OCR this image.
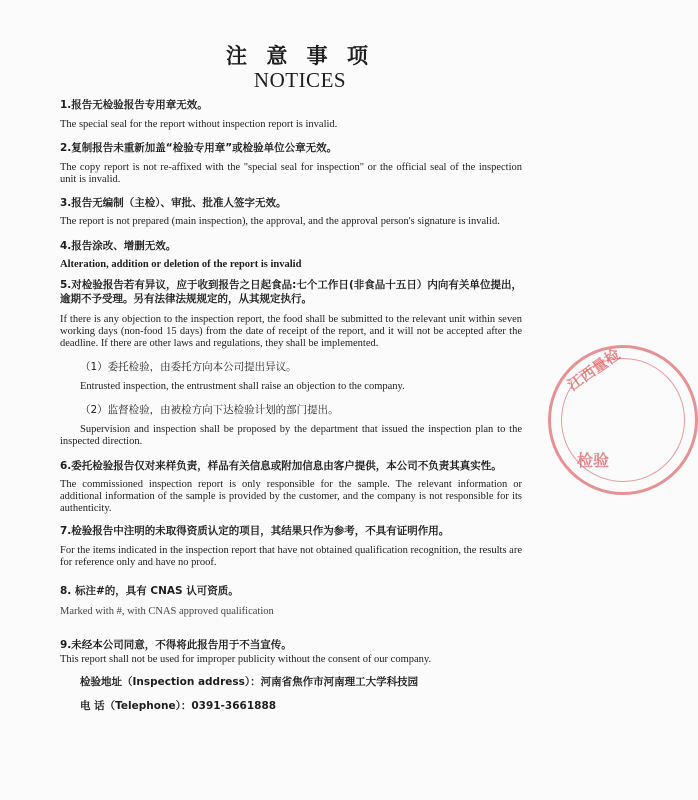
注 意 事 项
NOTICES

1.报告无检验报告专用章无效。

The special seal for the report without inspection report is invalid.

2.复制报告未重新加盖“检验专用章”或检验单位公章无效。

The copy report is not re-affixed with the "special seal for inspection" or the official seal of the inspection unit is invalid.

3.报告无编制（主检）、审批、批准人签字无效。

The report is not prepared (main inspection), the approval, and the approval person's signature is invalid.

4.报告涂改、增删无效。

Alteration, addition or deletion of the report is invalid

5.对检验报告若有异议，应于收到报告之日起食品:七个工作日(非食品十五日）内向有关单位提出，逾期不予受理。另有法律法规规定的，从其规定执行。

If there is any objection to the inspection report, the food shall be submitted to the relevant unit within seven working days (non-food 15 days) from the date of receipt of the report, and it will not be accepted after the deadline. If there are other laws and regulations, they shall be implemented.

（1）委托检验，由委托方向本公司提出异议。

Entrusted inspection, the entrustment shall raise an objection to the company.

（2）监督检验，由被检方向下达检验计划的部门提出。

Supervision and inspection shall be proposed by the department that issued the inspection plan to the inspected direction.

6.委托检验报告仅对来样负责，样品有关信息或附加信息由客户提供，本公司不负责其真实性。

The commissioned inspection report is only responsible for the sample. The relevant information or additional information of the sample is provided by the customer, and the company is not responsible for its authenticity.

7.检验报告中注明的未取得资质认定的项目，其结果只作为参考，不具有证明作用。

For the items indicated in the inspection report that have not obtained qualification recognition, the results are for reference only and have no proof.

8. 标注#的，具有 CNAS 认可资质。

Marked with #, with CNAS approved qualification

9.未经本公司同意，不得将此报告用于不当宣传。

This report shall not be used for improper publicity without the consent of our company.

检验地址（Inspection address）：河南省焦作市河南理工大学科技园

电 话（Telephone）：0391-3661888

江西量检
检验
